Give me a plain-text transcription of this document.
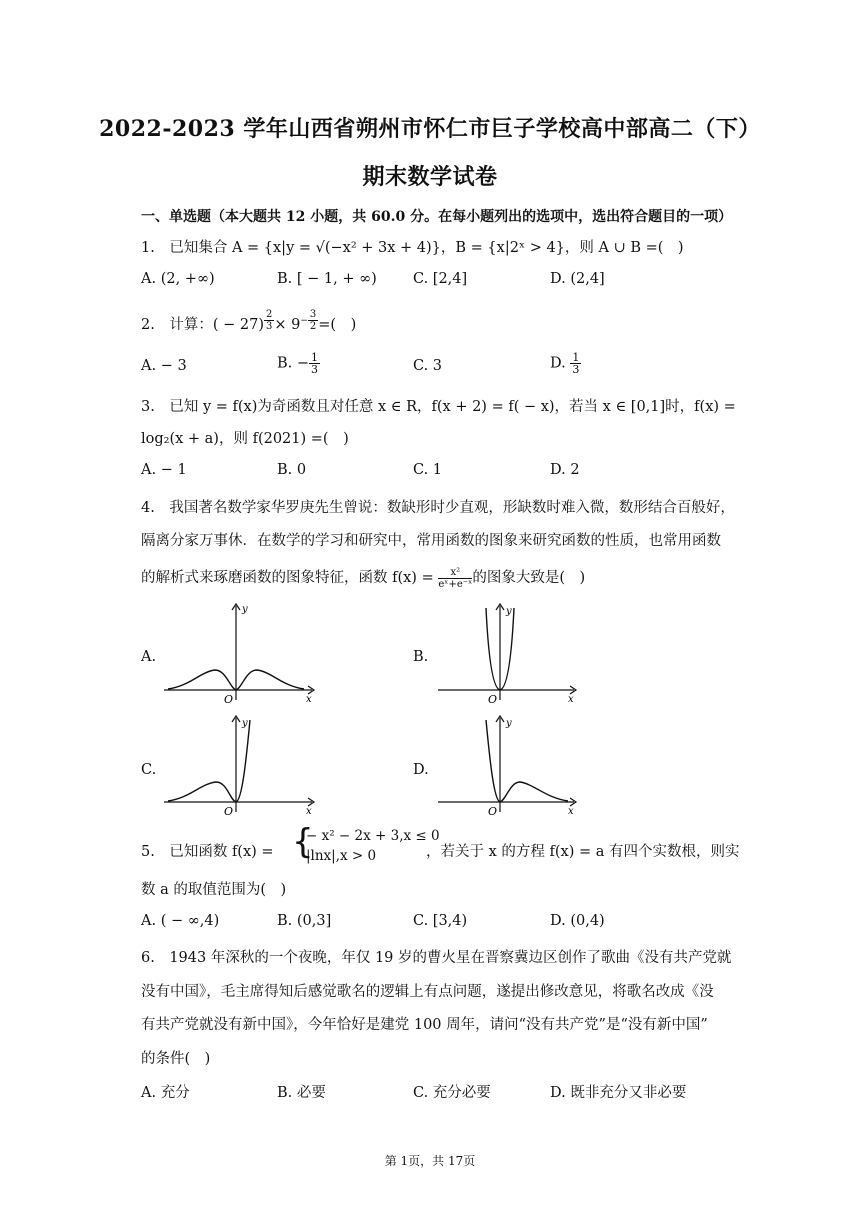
2022-2023 学年山西省朔州市怀仁市巨子学校高中部高二（下）
期末数学试卷
一、单选题（本大题共 12 小题，共 60.0 分。在每小题列出的选项中，选出符合题目的一项）
1.　已知集合 A = {x|y = √(−x² + 3x + 4)}，B = {x|2ˣ > 4}，则 A ∪ B =(　)
A. (2, +∞)	B. [ − 1, + ∞) C. [2,4]	D. (2,4]
2.　计算：( − 27) $^{\frac{2}{3}} \times 9^{- \frac{3}{2}}$ =(　)
A. − 3	B. − $\frac{1}{3}$	C. 3	D. $\frac{1}{3}$
3.　已知 y = f(x)为奇函数且对任意 x ∈ R，f(x + 2) = f( − x)，若当 x ∈ [0,1]时，f(x) =
log₂(x + a)，则 f(2021) =(　)
A. − 1	B. 0	C. 1	D. 2
4.　我国著名数学家华罗庚先生曾说：数缺形时少直观，形缺数时难入微，数形结合百般好，
隔离分家万事休．在数学的学习和研究中，常用函数的图象来研究函数的性质，也常用函数
的解析式来琢磨函数的图象特征，函数 $f(x) = \frac{\text{x²}}{\text{eˣ+e⁻ˣ}}$ 的图象大致是(　)
A.	B.
C.	D.
y
x
O
y
x
O
y
x
O
y
x
O
5.　已知函数 f(x) = {
− x² − 2x + 3,x ≤ 0
|lnx|,x > 0	，若关于 x 的方程 f(x) = a 有四个实数根，则实
数 a 的取值范围为(　)
A. ( − ∞,4)	B. (0,3]	C. [3,4)	D. (0,4)
6.　1943 年深秋的一个夜晚，年仅 19 岁的曹火星在晋察冀边区创作了歌曲《没有共产党就
没有中国》，毛主席得知后感觉歌名的逻辑上有点问题，遂提出修改意见，将歌名改成《没
有共产党就没有新中国》，今年恰好是建党 100 周年，请问“没有共产党”是“没有新中国”
的条件(　)
A. 充分	B. 必要	C. 充分必要	D. 既非充分又非必要
第 1页，共 17页
